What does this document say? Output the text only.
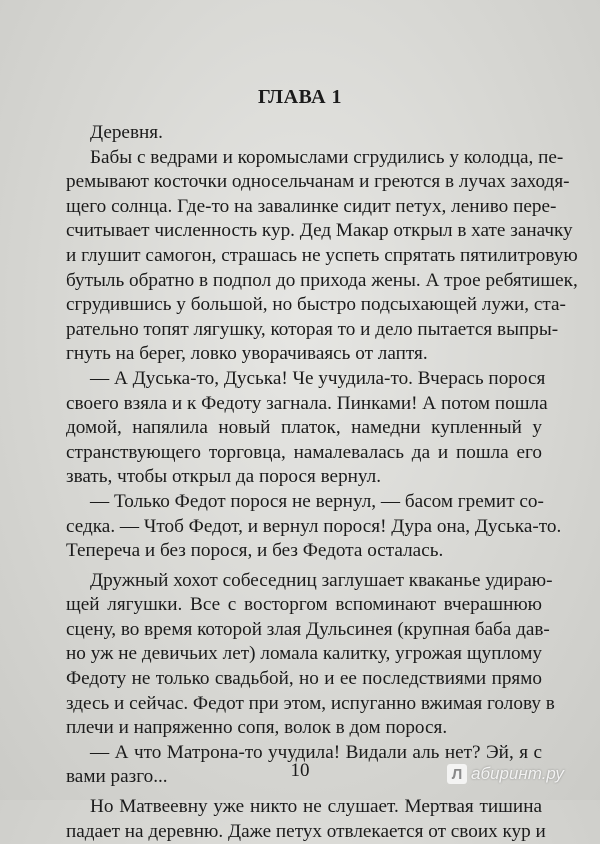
ГЛАВА 1

Деревня.

Бабы с ведрами и коромыслами сгрудились у колодца, пе-

ремывают косточки односельчанам и греются в лучах заходя-

щего солнца. Где-то на завалинке сидит петух, лениво пере-

считывает численность кур. Дед Макар открыл в хате заначку

и глушит самогон, страшась не успеть спрятать пятилитровую

бутыль обратно в подпол до прихода жены. А трое ребятишек,

сгрудившись у большой, но быстро подсыхающей лужи, ста-

рательно топят лягушку, которая то и дело пытается выпры-

гнуть на берег, ловко уворачиваясь от лаптя.

— А Дуська-то, Дуська! Че учудила-то. Вчерась порося

своего взяла и к Федоту загнала. Пинками! А потом пошла

домой, напялила новый платок, намедни купленный у

странствующего торговца, намалевалась да и пошла его

звать, чтобы открыл да порося вернул.

— Только Федот порося не вернул, — басом гремит со-

седка. — Чтоб Федот, и вернул порося! Дура она, Дуська-то.

Тепереча и без порося, и без Федота осталась.

Дружный хохот собеседниц заглушает кваканье удираю-

щей лягушки. Все с восторгом вспоминают вчерашнюю

сцену, во время которой злая Дульсинея (крупная баба дав-

но уж не девичьих лет) ломала калитку, угрожая щуплому

Федоту не только свадьбой, но и ее последствиями прямо

здесь и сейчас. Федот при этом, испуганно вжимая голову в

плечи и напряженно сопя, волок в дом порося.

— А что Матрона-то учудила! Видали аль нет? Эй, я с

вами разго...

Но Матвеевну уже никто не слушает. Мертвая тишина

падает на деревню. Даже петух отвлекается от своих кур и

10	Л абиринт.ру
